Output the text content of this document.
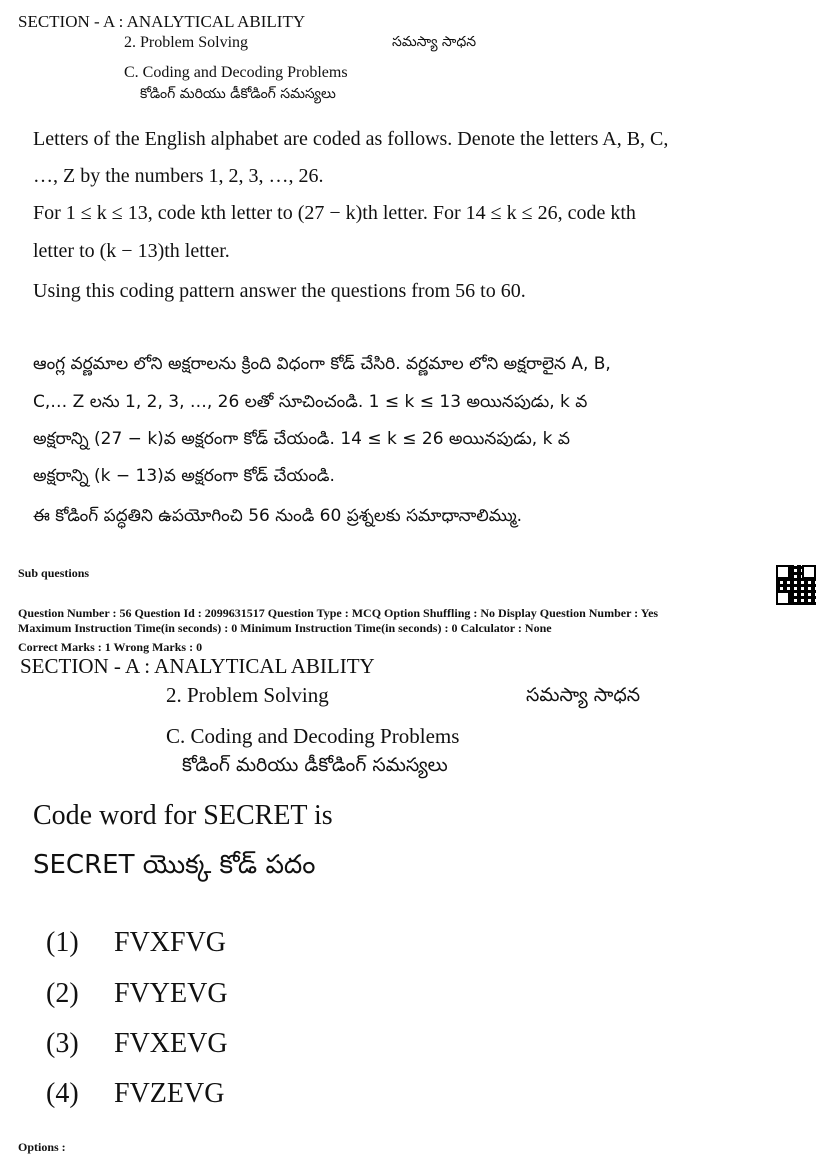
SECTION - A : ANALYTICAL ABILITY
2. Problem Solving	సమస్యా సాధన
C. Coding and Decoding Problems
కోడింగ్ మరియు డీకోడింగ్ సమస్యలు
Letters of the English alphabet are coded as follows. Denote the letters A, B, C,
…, Z by the numbers 1, 2, 3, …, 26.
For 1 ≤ k ≤ 13, code kth letter to (27 − k)th letter. For 14 ≤ k ≤ 26, code kth
letter to (k − 13)th letter.
Using this coding pattern answer the questions from 56 to 60.
ఆంగ్ల వర్ణమాల లోని అక్షరాలను క్రింది విధంగా కోడ్ చేసిరి. వర్ణమాల లోని అక్షరాలైన A, B,
C,… Z లను 1, 2, 3, …, 26 లతో సూచించండి. 1 ≤ k ≤ 13 అయినపుడు, k వ
అక్షరాన్ని (27 − k)వ అక్షరంగా కోడ్ చేయండి. 14 ≤ k ≤ 26 అయినపుడు, k వ
అక్షరాన్ని (k − 13)వ అక్షరంగా కోడ్ చేయండి.
ఈ కోడింగ్ పద్ధతిని ఉపయోగించి 56 నుండి 60 ప్రశ్నలకు సమాధానాలిమ్ము.
Sub questions
Question Number : 56 Question Id : 2099631517 Question Type : MCQ Option Shuffling : No Display Question Number : Yes
Maximum Instruction Time(in seconds) : 0 Minimum Instruction Time(in seconds) : 0 Calculator : None
Correct Marks : 1 Wrong Marks : 0
SECTION - A : ANALYTICAL ABILITY
2. Problem Solving	సమస్యా సాధన
C. Coding and Decoding Problems
కోడింగ్ మరియు డీకోడింగ్ సమస్యలు
Code word for SECRET is
SECRET యొక్క కోడ్ పదం
(1) FVXFVG
(2) FVYEVG
(3) FVXEVG
(4) FVZEVG
Options :
